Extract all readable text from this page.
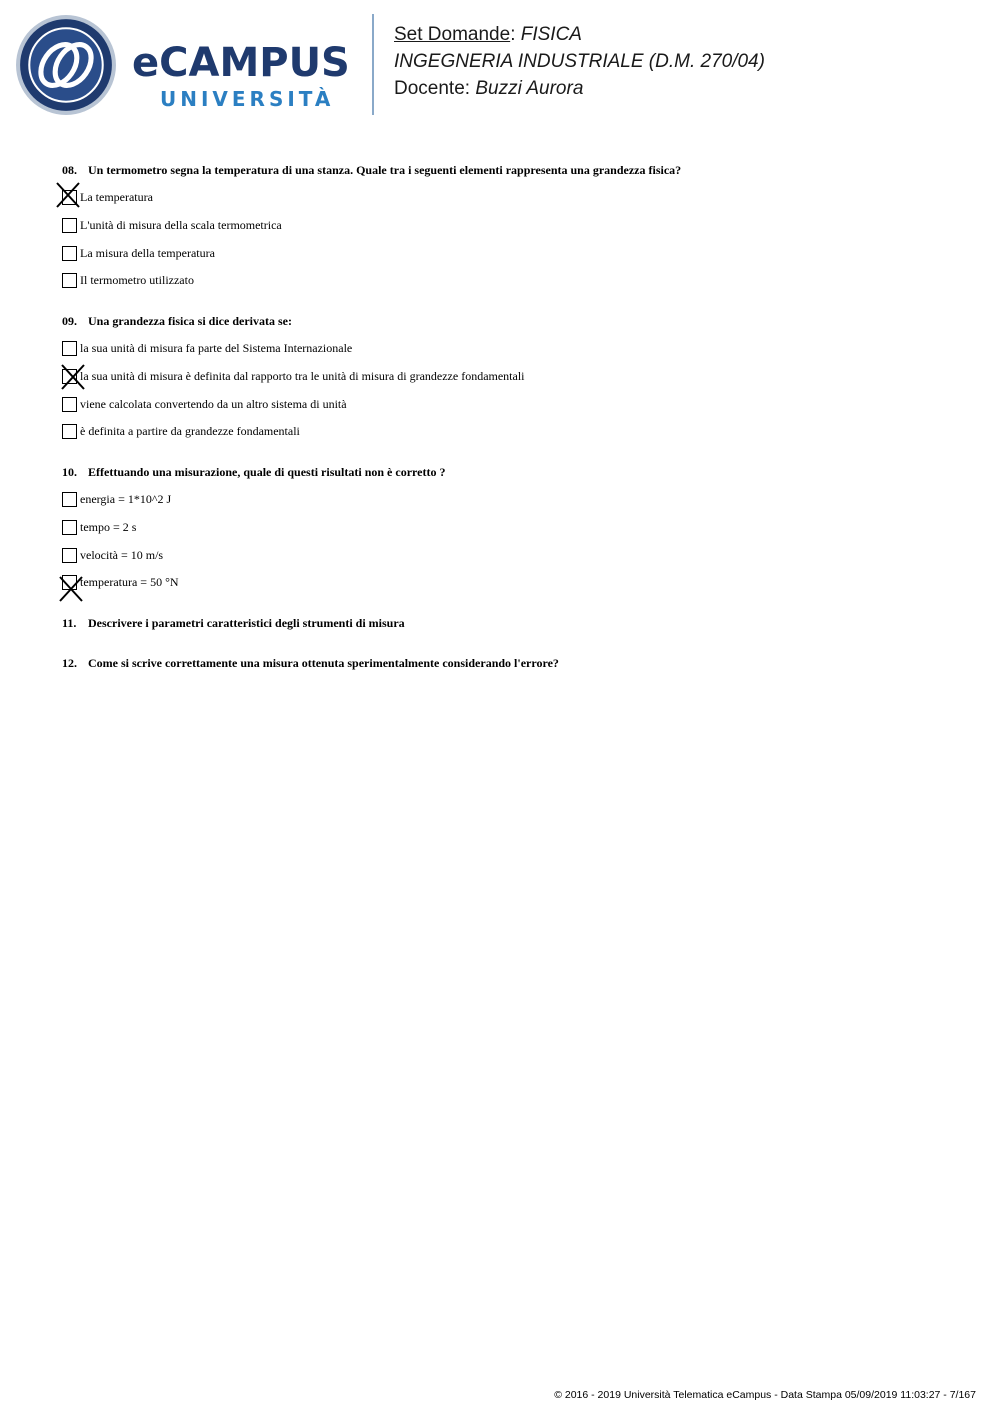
eCAMPUS
UNIVERSITÀ
Set Domande: FISICA
INGEGNERIA INDUSTRIALE (D.M. 270/04)
Docente: Buzzi Aurora
08. Un termometro segna la temperatura di una stanza. Quale tra i seguenti elementi rappresenta una grandezza fisica?
La temperatura
L'unità di misura della scala termometrica
La misura della temperatura
Il termometro utilizzato
09. Una grandezza fisica si dice derivata se:
la sua unità di misura fa parte del Sistema Internazionale
la sua unità di misura è definita dal rapporto tra le unità di misura di grandezze fondamentali
viene calcolata convertendo da un altro sistema di unità
è definita a partire da grandezze fondamentali
10. Effettuando una misurazione, quale di questi risultati non è corretto ?
energia = 1*10^2 J
tempo = 2 s
velocità = 10 m/s
temperatura = 50 °N
11. Descrivere i parametri caratteristici degli strumenti di misura
12. Come si scrive correttamente una misura ottenuta sperimentalmente considerando l'errore?
© 2016 - 2019 Università Telematica eCampus - Data Stampa 05/09/2019 11:03:27 - 7/167
